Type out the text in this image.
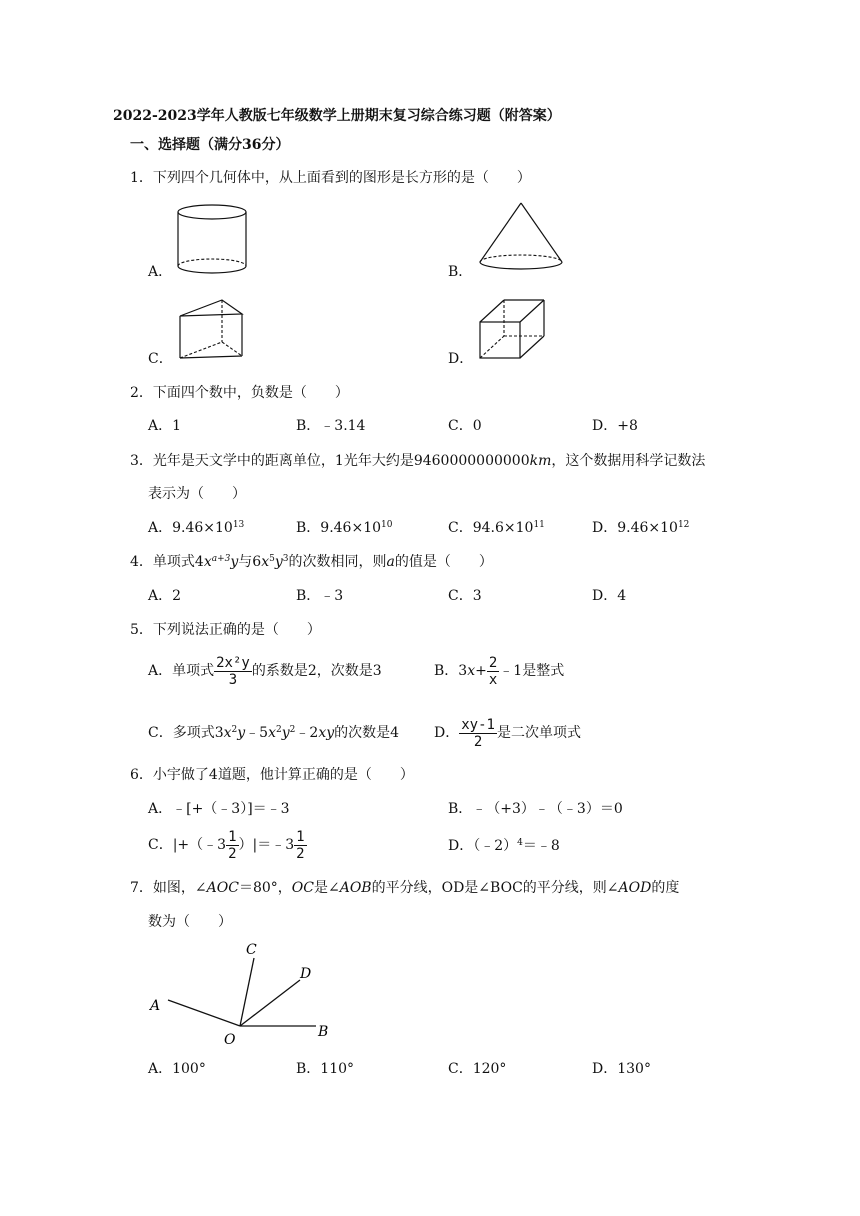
2022-2023学年人教版七年级数学上册期末复习综合练习题（附答案）
一、选择题（满分36分）
1．下列四个几何体中，从上面看到的图形是长方形的是（　　）
A．	B．
C．	D．
2．下面四个数中，负数是（　　）
A．1	B．﹣3.14	C．0	D．+8
3．光年是天文学中的距离单位，1光年大约是9460000000000km，这个数据用科学记数法
表示为（　　）
A．$9.46\times 10^{13}$	B．$9.46\times 10^{10}$	C．$94.6\times 10^{11}$	D．$9.46\times 10^{12}$
4．单项式$4x^{a+3}y$与$6x^5y^3$的次数相同，则a的值是（　　）
A．2	B．﹣3	C．3	D．4
5．下列说法正确的是（　　）
A．单项式 $\frac{\text{2x²y}}{3}$ 的系数是2，次数是3	B．$3x+ \frac{2}{x}$ ﹣1是整式
C．多项式$3x^2y﹣5x^2y^2﹣2xy$的次数是4 D． $\frac{xy-1}{2}$ 是二次单项式
6．小宇做了4道题，他计算正确的是（　　）
A．﹣[+（﹣3）]＝﹣3	B．﹣（+3）﹣（﹣3）＝0
C．|+（﹣3 $\frac{1}{2}$ ）|＝﹣3 $\frac{1}{2}$	D．（﹣2）$^4$＝﹣8
7．如图，∠AOC＝80°，OC是∠AOB的平分线，OD是∠BOC的平分线，则∠AOD的度
数为（　　）
A
C
D
B
O
A．100°	B．110°	C．120°	D．130°
